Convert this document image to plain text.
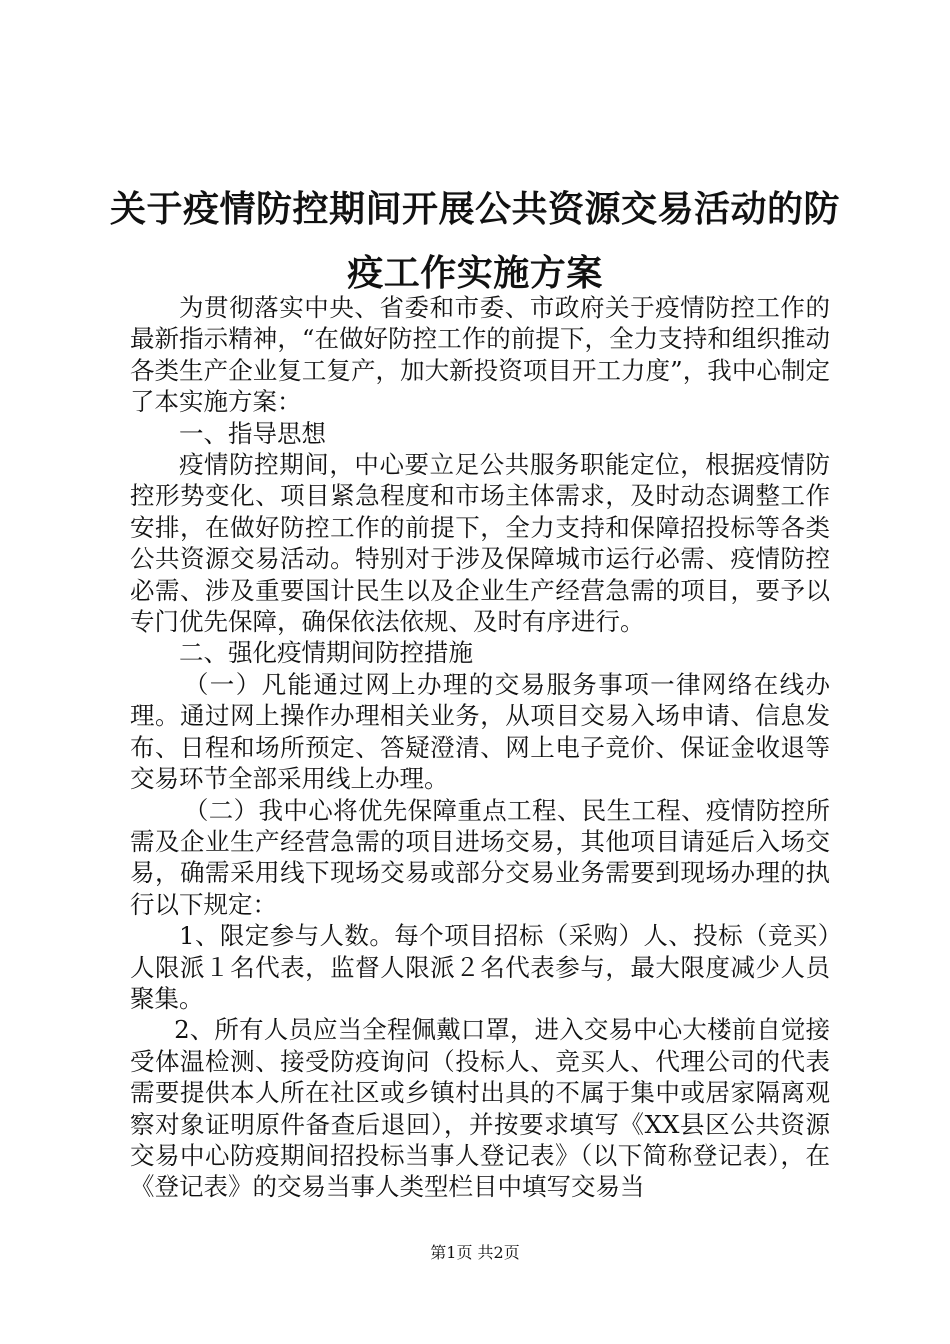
关于疫情防控期间开展公共资源交易活动的防疫工作实施方案

为贯彻落实中央、省委和市委、市政府关于疫情防控工作的最新指示精神，“在做好防控工作的前提下，全力支持和组织推动各类生产企业复工复产，加大新投资项目开工力度”，我中心制定了本实施方案：

一、指导思想

疫情防控期间，中心要立足公共服务职能定位，根据疫情防控形势变化、项目紧急程度和市场主体需求，及时动态调整工作安排，在做好防控工作的前提下，全力支持和保障招投标等各类公共资源交易活动。特别对于涉及保障城市运行必需、疫情防控必需、涉及重要国计民生以及企业生产经营急需的项目，要予以专门优先保障，确保依法依规、及时有序进行。

二、强化疫情期间防控措施

（一）凡能通过网上办理的交易服务事项一律网络在线办理。通过网上操作办理相关业务，从项目交易入场申请、信息发布、日程和场所预定、答疑澄清、网上电子竞价、保证金收退等交易环节全部采用线上办理。

（二）我中心将优先保障重点工程、民生工程、疫情防控所需及企业生产经营急需的项目进场交易，其他项目请延后入场交易，确需采用线下现场交易或部分交易业务需要到现场办理的执行以下规定：

1、限定参与人数。每个项目招标（采购）人、投标（竞买）人限派１名代表，监督人限派２名代表参与，最大限度减少人员聚集。

2、所有人员应当全程佩戴口罩，进入交易中心大楼前自觉接受体温检测、接受防疫询问（投标人、竞买人、代理公司的代表需要提供本人所在社区或乡镇村出具的不属于集中或居家隔离观察对象证明原件备查后退回），并按要求填写《XX县区公共资源交易中心防疫期间招投标当事人登记表》（以下简称登记表），在《登记表》的交易当事人类型栏目中填写交易当

第1页 共2页
